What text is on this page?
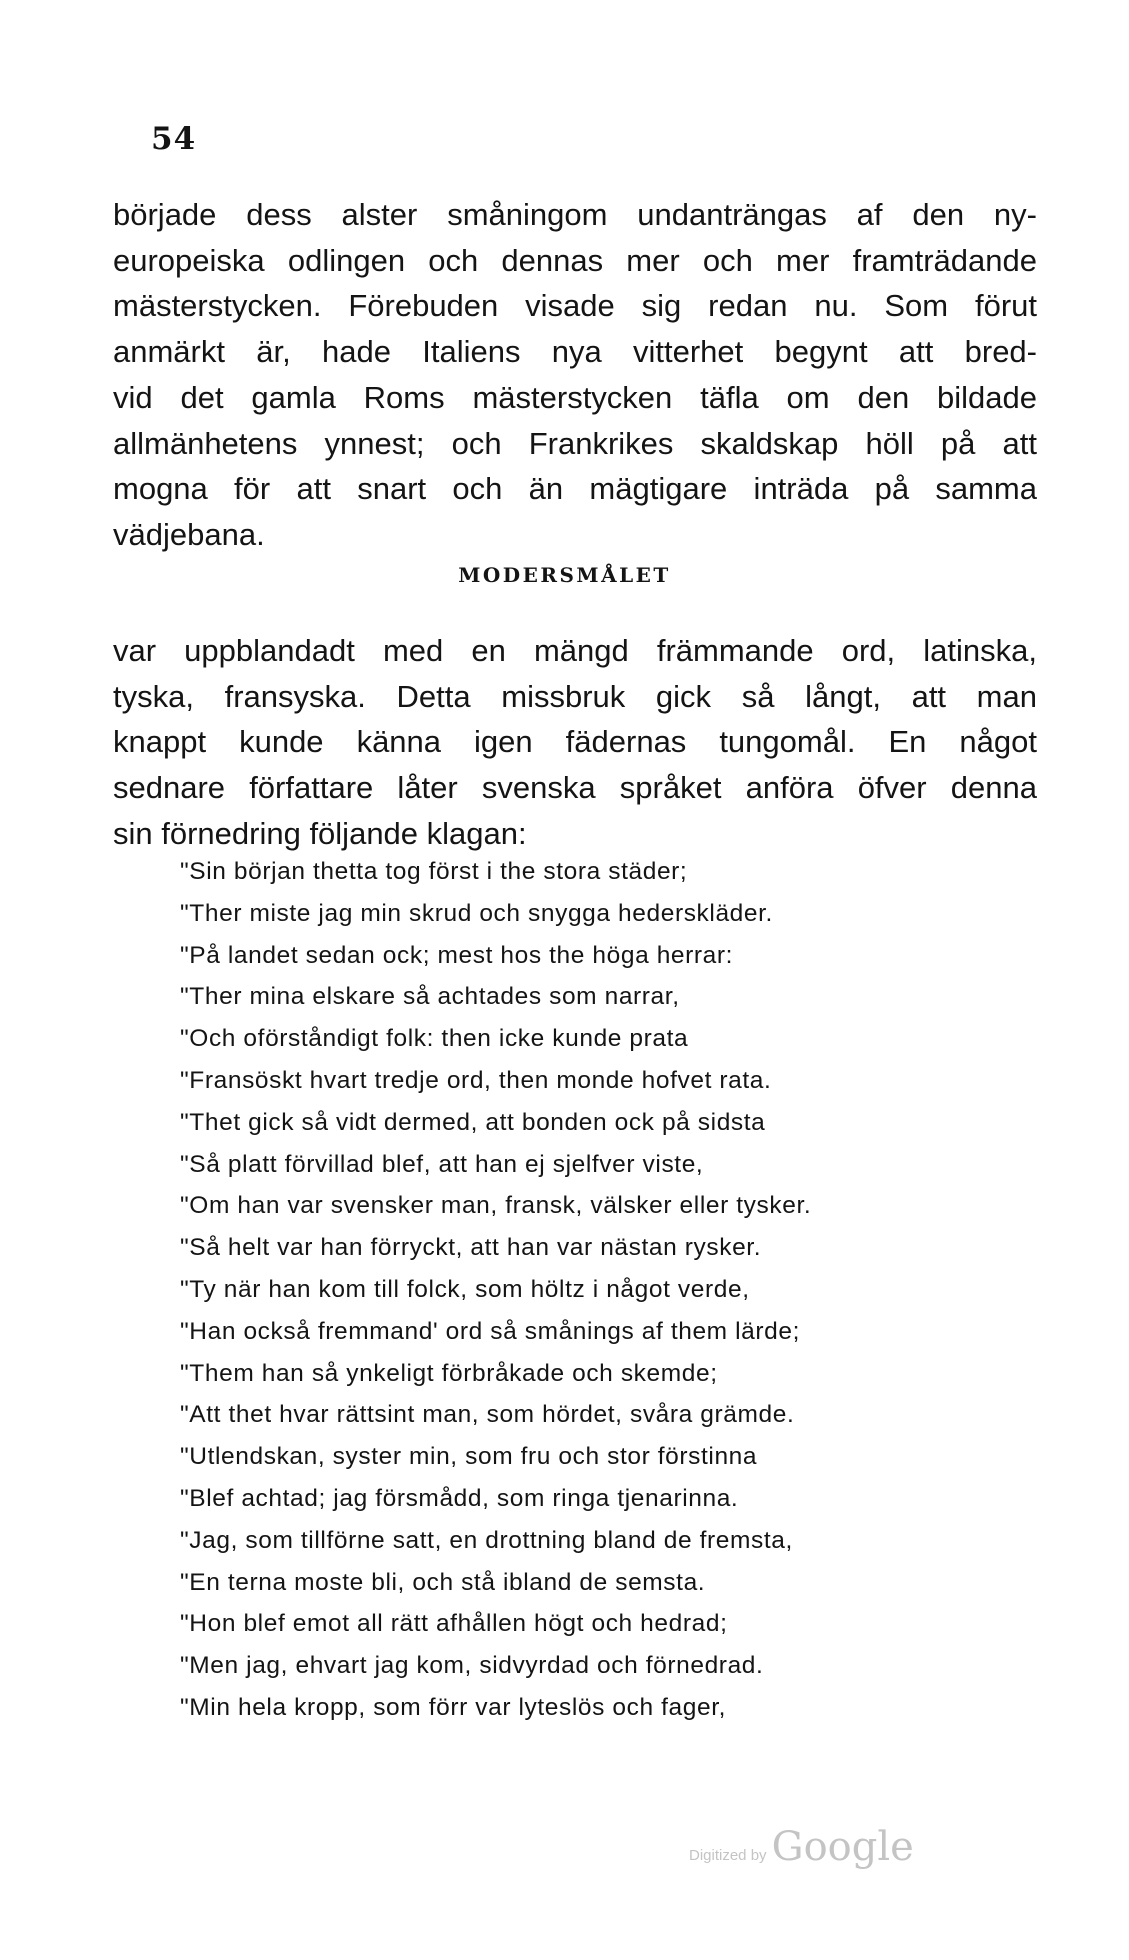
54
började dess alster småningom undanträngas af den ny-
europeiska odlingen och dennas mer och mer framträdande
mästerstycken. Förebuden visade sig redan nu. Som förut
anmärkt är, hade Italiens nya vitterhet begynt att bred-
vid det gamla Roms mästerstycken täfla om den bildade
allmänhetens ynnest; och Frankrikes skaldskap höll på att
mogna för att snart och än mägtigare inträda på samma
vädjebana.
MODERSMÅLET
var uppblandadt med en mängd främmande ord, latinska,
tyska, fransyska. Detta missbruk gick så långt, att man
knappt kunde känna igen fädernas tungomål. En något
sednare författare låter svenska språket anföra öfver denna
sin förnedring följande klagan:
"Sin början thetta tog först i the stora städer;
"Ther miste jag min skrud och snygga hederskläder.
"På landet sedan ock; mest hos the höga herrar:
"Ther mina elskare så achtades som narrar,
"Och oförståndigt folk: then icke kunde prata
"Fransöskt hvart tredje ord, then monde hofvet rata.
"Thet gick så vidt dermed, att bonden ock på sidsta
"Så platt förvillad blef, att han ej sjelfver viste,
"Om han var svensker man, fransk, välsker eller tysker.
"Så helt var han förryckt, att han var nästan rysker.
"Ty när han kom till folck, som höltz i något verde,
"Han också fremmand' ord så smånings af them lärde;
"Them han så ynkeligt förbråkade och skemde;
"Att thet hvar rättsint man, som hördet, svåra grämde.
"Utlendskan, syster min, som fru och stor förstinna
"Blef achtad; jag försmådd, som ringa tjenarinna.
"Jag, som tillförne satt, en drottning bland de fremsta,
"En terna moste bli, och stå ibland de semsta.
"Hon blef emot all rätt afhållen högt och hedrad;
"Men jag, ehvart jag kom, sidvyrdad och förnedrad.
"Min hela kropp, som förr var lyteslös och fager,
Digitized by Google
